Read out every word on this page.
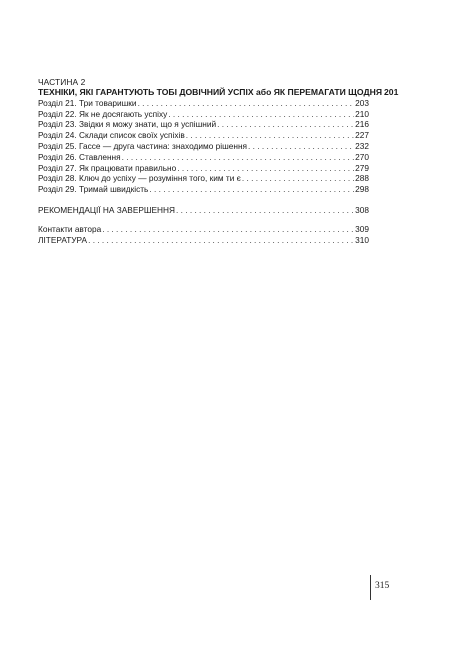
ЧАСТИНА 2
ТЕХНІКИ, ЯКІ ГАРАНТУЮТЬ ТОБІ ДОВІЧНИЙ УСПІХ або ЯК ПЕРЕМАГАТИ ЩОДНЯ 201
Розділ 21. Три товаришки . . .	203
Розділ 22. Як не досягають успіху . . .	210
Розділ 23. Звідки я можу знати, що я успішний . . .	216
Розділ 24. Склади список своїх успіхів . . .	227
Розділ 25. Гассе — друга частина: знаходимо рішення . . .	232
Розділ 26. Ставлення . . .	270
Розділ 27. Як працювати правильно . . .	279
Розділ 28. Ключ до успіху — розуміння того, ким ти є . . .	288
Розділ 29. Тримай швидкість . . .	298
РЕКОМЕНДАЦІЇ НА ЗАВЕРШЕННЯ . . .	308
Контакти автора . . .	309
ЛІТЕРАТУРА . . .	310
315
